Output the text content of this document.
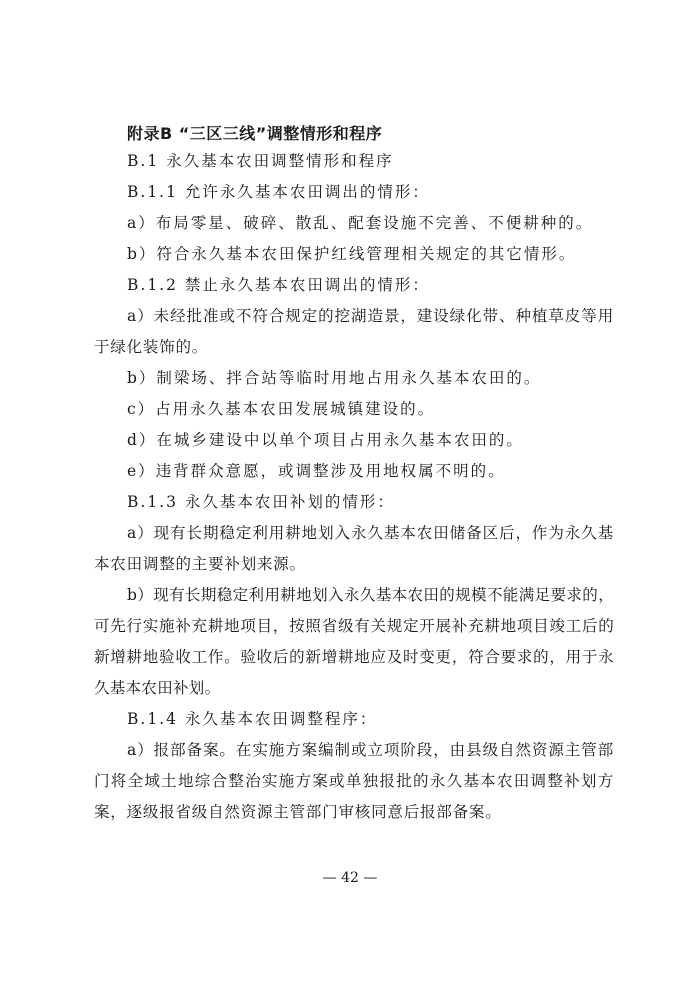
附录B “三区三线”调整情形和程序

B.1 永久基本农田调整情形和程序

B.1.1 允许永久基本农田调出的情形：

a）布局零星、破碎、散乱、配套设施不完善、不便耕种的。

b）符合永久基本农田保护红线管理相关规定的其它情形。

B.1.2 禁止永久基本农田调出的情形：

a）未经批准或不符合规定的挖湖造景，建设绿化带、种植草皮等用于绿化装饰的。

b）制梁场、拌合站等临时用地占用永久基本农田的。

c）占用永久基本农田发展城镇建设的。

d）在城乡建设中以单个项目占用永久基本农田的。

e）违背群众意愿，或调整涉及用地权属不明的。

B.1.3 永久基本农田补划的情形：

a）现有长期稳定利用耕地划入永久基本农田储备区后，作为永久基本农田调整的主要补划来源。

b）现有长期稳定利用耕地划入永久基本农田的规模不能满足要求的，可先行实施补充耕地项目，按照省级有关规定开展补充耕地项目竣工后的新增耕地验收工作。验收后的新增耕地应及时变更，符合要求的，用于永久基本农田补划。

B.1.4 永久基本农田调整程序：

a）报部备案。在实施方案编制或立项阶段，由县级自然资源主管部门将全域土地综合整治实施方案或单独报批的永久基本农田调整补划方案，逐级报省级自然资源主管部门审核同意后报部备案。

— 42 —
